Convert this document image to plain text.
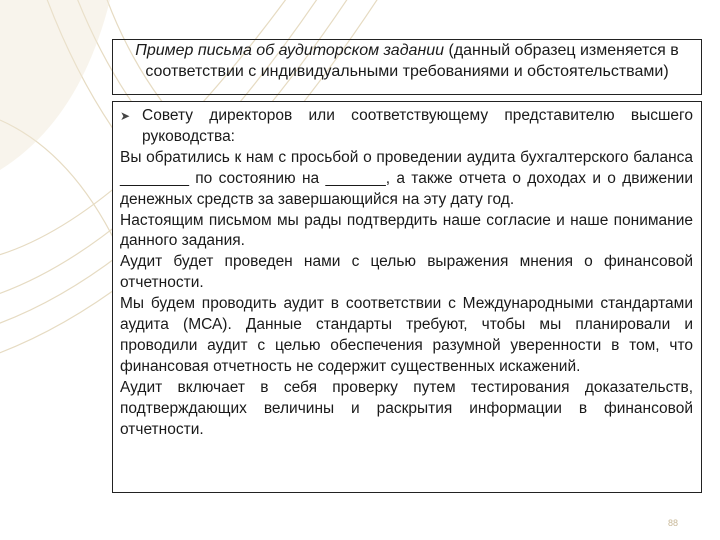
Пример письма об аудиторском задании (данный образец изменяется в соответствии с индивидуальными требованиями и обстоятельствами)

➤ Совету директоров или соответствующему представителю высшего руководства:

Вы обратились к нам с просьбой о проведении аудита бухгалтерского баланса ________ по состоянию на _______, а также отчета о доходах и о движении денежных средств за завершающийся на эту дату год.

Настоящим письмом мы рады подтвердить наше согласие и наше понимание данного задания.

Аудит будет проведен нами с целью выражения мнения о финансовой отчетности.

Мы будем проводить аудит в соответствии с Международными стандартами аудита (МСА). Данные стандарты требуют, чтобы мы планировали и проводили аудит с целью обеспечения разумной уверенности в том, что финансовая отчетность не содержит существенных искажений.

Аудит включает в себя проверку путем тестирования доказательств, подтверждающих величины и раскрытия информации в финансовой отчетности.

88
